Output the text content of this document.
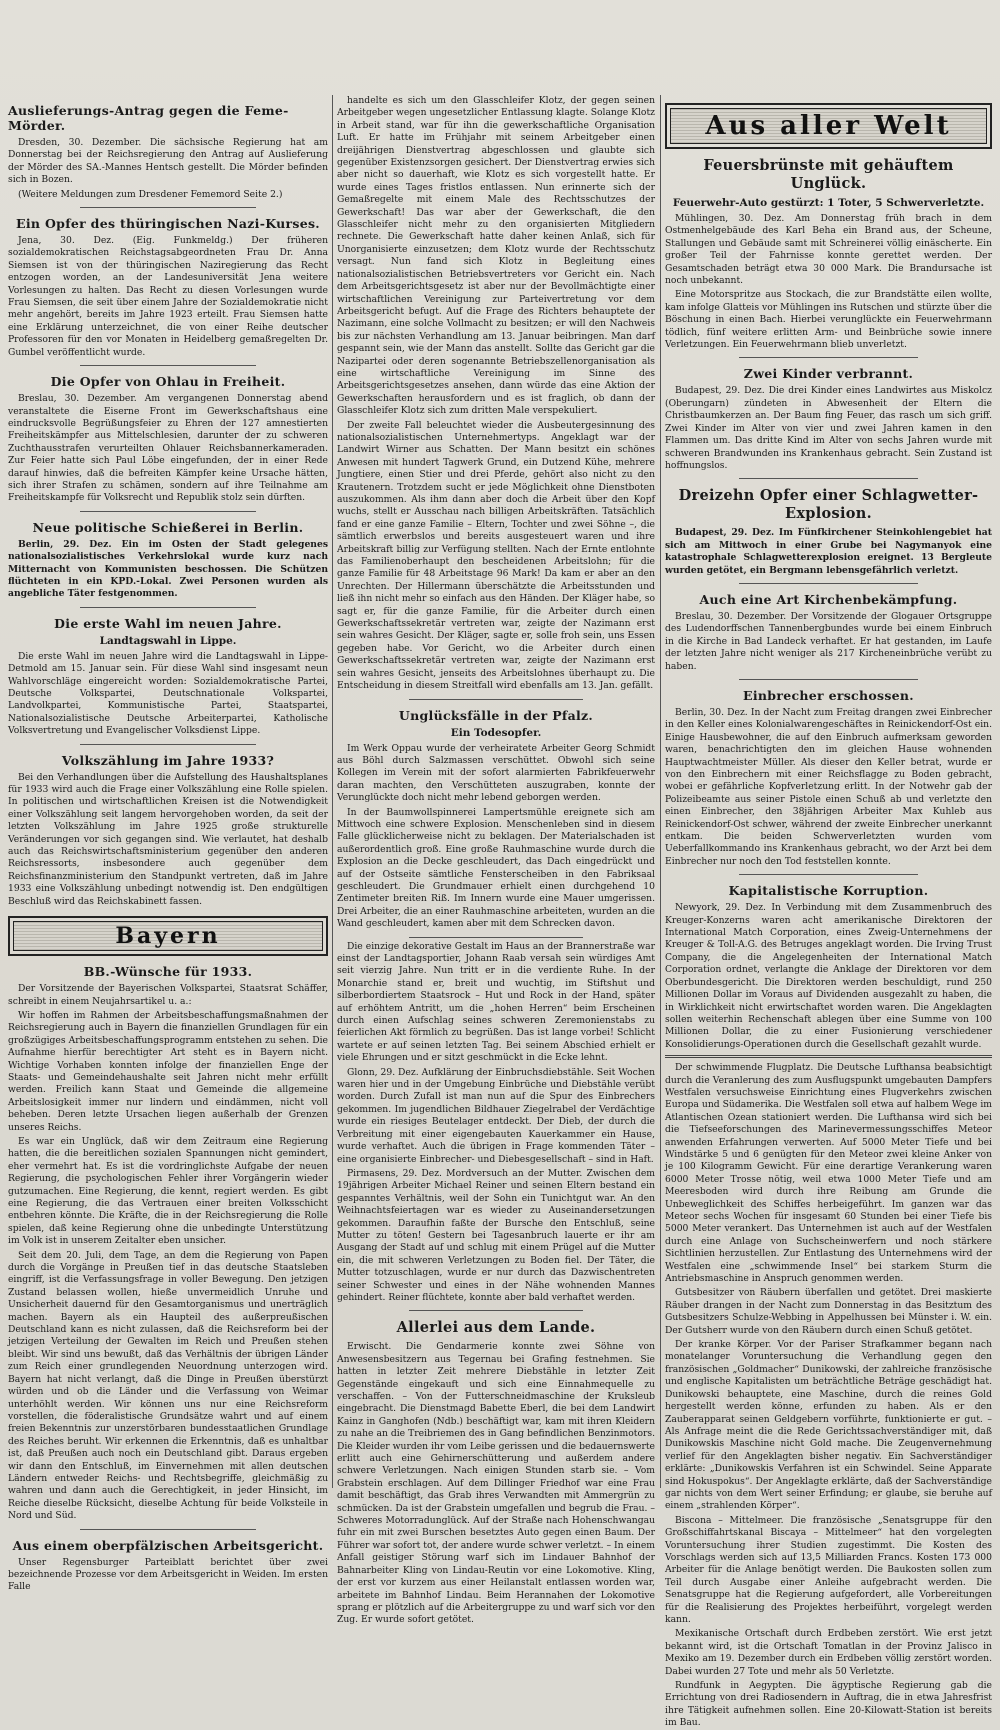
Auslieferungs-Antrag gegen die Feme-Mörder.

Dresden, 30. Dezember. Die sächsische Regierung hat am Donnerstag bei der Reichsregierung den Antrag auf Auslieferung der Mörder des SA.-Mannes Hentsch gestellt. Die Mörder befinden sich in Bozen.

(Weitere Meldungen zum Dresdener Fememord Seite 2.)

Ein Opfer des thüringischen Nazi-Kurses.

Jena, 30. Dez. (Eig. Funkmeldg.) Der früheren sozialdemokratischen Reichstagsabgeordneten Frau Dr. Anna Siemsen ist von der thüringischen Naziregierung das Recht entzogen worden, an der Landesuniversität Jena weitere Vorlesungen zu halten. Das Recht zu diesen Vorlesungen wurde Frau Siemsen, die seit über einem Jahre der Sozialdemokratie nicht mehr angehört, bereits im Jahre 1923 erteilt. Frau Siemsen hatte eine Erklärung unterzeichnet, die von einer Reihe deutscher Professoren für den vor Monaten in Heidelberg gemaßregelten Dr. Gumbel veröffentlicht wurde.

Die Opfer von Ohlau in Freiheit.

Breslau, 30. Dezember. Am vergangenen Donnerstag abend veranstaltete die Eiserne Front im Gewerkschaftshaus eine eindrucksvolle Begrüßungsfeier zu Ehren der 127 amnestierten Freiheitskämpfer aus Mittelschlesien, darunter der zu schweren Zuchthausstrafen verurteilten Ohlauer Reichsbannerkameraden. Zur Feier hatte sich Paul Löbe eingefunden, der in einer Rede darauf hinwies, daß die befreiten Kämpfer keine Ursache hätten, sich ihrer Strafen zu schämen, sondern auf ihre Teilnahme am Freiheitskampfe für Volksrecht und Republik stolz sein dürften.

Neue politische Schießerei in Berlin.

Berlin, 29. Dez. Ein im Osten der Stadt gelegenes nationalsozialistisches Verkehrslokal wurde kurz nach Mitternacht von Kommunisten beschossen. Die Schützen flüchteten in ein KPD.-Lokal. Zwei Personen wurden als angebliche Täter festgenommen.

Die erste Wahl im neuen Jahre.
Landtagswahl in Lippe.

Die erste Wahl im neuen Jahre wird die Landtagswahl in Lippe-Detmold am 15. Januar sein. Für diese Wahl sind insgesamt neun Wahlvorschläge eingereicht worden: Sozialdemokratische Partei, Deutsche Volkspartei, Deutschnationale Volkspartei, Landvolkpartei, Kommunistische Partei, Staatspartei, Nationalsozialistische Deutsche Arbeiterpartei, Katholische Volksvertretung und Evangelischer Volksdienst Lippe.

Volkszählung im Jahre 1933?

Bei den Verhandlungen über die Aufstellung des Haushaltsplanes für 1933 wird auch die Frage einer Volkszählung eine Rolle spielen. In politischen und wirtschaftlichen Kreisen ist die Notwendigkeit einer Volkszählung seit langem hervorgehoben worden, da seit der letzten Volkszählung im Jahre 1925 große strukturelle Veränderungen vor sich gegangen sind. Wie verlautet, hat deshalb auch das Reichswirtschaftsministerium gegenüber den anderen Reichsressorts, insbesondere auch gegenüber dem Reichsfinanzministerium den Standpunkt vertreten, daß im Jahre 1933 eine Volkszählung unbedingt notwendig ist. Den endgültigen Beschluß wird das Reichskabinett fassen.

Bayern
BB.-Wünsche für 1933.

Der Vorsitzende der Bayerischen Volkspartei, Staatsrat Schäffer, schreibt in einem Neujahrsartikel u. a.:

Wir hoffen im Rahmen der Arbeitsbeschaffungsmaßnahmen der Reichsregierung auch in Bayern die finanziellen Grundlagen für ein großzügiges Arbeitsbeschaffungsprogramm entstehen zu sehen. Die Aufnahme hierfür berechtigter Art steht es in Bayern nicht. Wichtige Vorhaben konnten infolge der finanziellen Enge der Staats- und Gemeindehaushalte seit Jahren nicht mehr erfüllt werden. Freilich kann Staat und Gemeinde die allgemeine Arbeitslosigkeit immer nur lindern und eindämmen, nicht voll beheben. Deren letzte Ursachen liegen außerhalb der Grenzen unseres Reichs.

Es war ein Unglück, daß wir dem Zeitraum eine Regierung hatten, die die bereitlichen sozialen Spannungen nicht gemindert, eher vermehrt hat. Es ist die vordringlichste Aufgabe der neuen Regierung, die psychologischen Fehler ihrer Vorgängerin wieder gutzumachen. Eine Regierung, die kennt, regiert werden. Es gibt eine Regierung, die das Vertrauen einer breiten Volksschicht entbehren könnte. Die Kräfte, die in der Reichsregierung die Rolle spielen, daß keine Regierung ohne die unbedingte Unterstützung im Volk ist in unserem Zeitalter eben unsicher.

Seit dem 20. Juli, dem Tage, an dem die Regierung von Papen durch die Vorgänge in Preußen tief in das deutsche Staatsleben eingriff, ist die Verfassungsfrage in voller Bewegung. Den jetzigen Zustand belassen wollen, hieße unvermeidlich Unruhe und Unsicherheit dauernd für den Gesamtorganismus und unerträglich machen. Bayern als ein Haupteil des außerpreußischen Deutschland kann es nicht zulassen, daß die Reichsreform bei der jetzigen Verteilung der Gewalten im Reich und Preußen stehen bleibt. Wir sind uns bewußt, daß das Verhältnis der übrigen Länder zum Reich einer grundlegenden Neuordnung unterzogen wird. Bayern hat nicht verlangt, daß die Dinge in Preußen überstürzt würden und ob die Länder und die Verfassung von Weimar unterhöhlt werden. Wir können uns nur eine Reichsreform vorstellen, die föderalistische Grundsätze wahrt und auf einem freien Bekenntnis zur unzerstörbaren bundesstaatlichen Grundlage des Reiches beruht. Wir erkennen die Erkenntnis, daß es unhaltbar ist, daß Preußen auch noch ein Deutschland gibt. Daraus ergeben wir dann den Entschluß, im Einvernehmen mit allen deutschen Ländern entweder Reichs- und Rechtsbegriffe, gleichmäßig zu wahren und dann auch die Gerechtigkeit, in jeder Hinsicht, im Reiche dieselbe Rücksicht, dieselbe Achtung für beide Volksteile in Nord und Süd.

Aus einem oberpfälzischen Arbeitsgericht.

Unser Regensburger Parteiblatt berichtet über zwei bezeichnende Prozesse vor dem Arbeitsgericht in Weiden. Im ersten Falle

handelte es sich um den Glasschleifer Klotz, der gegen seinen Arbeitgeber wegen ungesetzlicher Entlassung klagte. Solange Klotz in Arbeit stand, war für ihn die gewerkschaftliche Organisation Luft. Er hatte im Frühjahr mit seinem Arbeitgeber einen dreijährigen Dienstvertrag abgeschlossen und glaubte sich gegenüber Existenzsorgen gesichert. Der Dienstvertrag erwies sich aber nicht so dauerhaft, wie Klotz es sich vorgestellt hatte. Er wurde eines Tages fristlos entlassen. Nun erinnerte sich der Gemaßregelte mit einem Male des Rechtsschutzes der Gewerkschaft! Das war aber der Gewerkschaft, die den Glasschleifer nicht mehr zu den organisierten Mitgliedern rechnete. Die Gewerkschaft hatte daher keinen Anlaß, sich für Unorganisierte einzusetzen; dem Klotz wurde der Rechtsschutz versagt. Nun fand sich Klotz in Begleitung eines nationalsozialistischen Betriebsvertreters vor Gericht ein. Nach dem Arbeitsgerichtsgesetz ist aber nur der Bevollmächtigte einer wirtschaftlichen Vereinigung zur Parteivertretung vor dem Arbeitsgericht befugt. Auf die Frage des Richters behauptete der Nazimann, eine solche Vollmacht zu besitzen; er will den Nachweis bis zur nächsten Verhandlung am 13. Januar beibringen. Man darf gespannt sein, wie der Mann das anstellt. Sollte das Gericht gar die Nazipartei oder deren sogenannte Betriebszellenorganisation als eine wirtschaftliche Vereinigung im Sinne des Arbeitsgerichtsgesetzes ansehen, dann würde das eine Aktion der Gewerkschaften herausfordern und es ist fraglich, ob dann der Glasschleifer Klotz sich zum dritten Male verspekuliert.

Der zweite Fall beleuchtet wieder die Ausbeutergesinnung des nationalsozialistischen Unternehmertyps. Angeklagt war der Landwirt Wirner aus Schatten. Der Mann besitzt ein schönes Anwesen mit hundert Tagwerk Grund, ein Dutzend Kühe, mehrere Jungtiere, einen Stier und drei Pferde, gehört also nicht zu den Krautenern. Trotzdem sucht er jede Möglichkeit ohne Dienstboten auszukommen. Als ihm dann aber doch die Arbeit über den Kopf wuchs, stellt er Ausschau nach billigen Arbeitskräften. Tatsächlich fand er eine ganze Familie – Eltern, Tochter und zwei Söhne –, die sämtlich erwerbslos und bereits ausgesteuert waren und ihre Arbeitskraft billig zur Verfügung stellten. Nach der Ernte entlohnte das Familienoberhaupt den bescheidenen Arbeitslohn; für die ganze Familie für 48 Arbeitstage 96 Mark! Da kam er aber an den Unrechten. Der Hillermann überschätzte die Arbeitsstunden und ließ ihn nicht mehr so einfach aus den Händen. Der Kläger habe, so sagt er, für die ganze Familie, für die Arbeiter durch einen Gewerkschaftssekretär vertreten war, zeigte der Nazimann erst sein wahres Gesicht. Der Kläger, sagte er, solle froh sein, uns Essen gegeben habe. Vor Gericht, wo die Arbeiter durch einen Gewerkschaftssekretär vertreten war, zeigte der Nazimann erst sein wahres Gesicht, jenseits des Arbeitslohnes überhaupt zu. Die Entscheidung in diesem Streitfall wird ebenfalls am 13. Jan. gefällt.

Unglücksfälle in der Pfalz.
Ein Todesopfer.

Im Werk Oppau wurde der verheiratete Arbeiter Georg Schmidt aus Böhl durch Salzmassen verschüttet. Obwohl sich seine Kollegen im Verein mit der sofort alarmierten Fabrikfeuerwehr daran machten, den Verschütteten auszugraben, konnte der Verunglückte doch nicht mehr lebend geborgen werden.

In der Baumwollspinnerei Lampertsmühle ereignete sich am Mittwoch eine schwere Explosion. Menschenleben sind in diesem Falle glücklicherweise nicht zu beklagen. Der Materialschaden ist außerordentlich groß. Eine große Rauhmaschine wurde durch die Explosion an die Decke geschleudert, das Dach eingedrückt und auf der Ostseite sämtliche Fensterscheiben in den Fabriksaal geschleudert. Die Grundmauer erhielt einen durchgehend 10 Zentimeter breiten Riß. Im Innern wurde eine Mauer umgerissen. Drei Arbeiter, die an einer Rauhmaschine arbeiteten, wurden an die Wand geschleudert, kamen aber mit dem Schrecken davon.

Die einzige dekorative Gestalt im Haus an der Brannerstraße war einst der Landtagsportier, Johann Raab versah sein würdiges Amt seit vierzig Jahre. Nun tritt er in die verdiente Ruhe. In der Monarchie stand er, breit und wuchtig, im Stiftshut und silberbordiertem Staatsrock – Hut und Rock in der Hand, später auf erhöhtem Antritt, um die „hohen Herren“ beim Erscheinen durch einen Aufschlag seines schweren Zeremonienstabs zu feierlichen Akt förmlich zu begrüßen. Das ist lange vorbei! Schlicht wartete er auf seinen letzten Tag. Bei seinem Abschied erhielt er viele Ehrungen und er sitzt geschmückt in die Ecke lehnt.

Glonn, 29. Dez. Aufklärung der Einbruchsdiebstähle. Seit Wochen waren hier und in der Umgebung Einbrüche und Diebstähle verübt worden. Durch Zufall ist man nun auf die Spur des Einbrechers gekommen. Im jugendlichen Bildhauer Ziegelrabel der Verdächtige wurde ein riesiges Beutelager entdeckt. Der Dieb, der durch die Verbreitung mit einer eigengebauten Kauerkammer ein Hause, wurde verhaftet. Auch die übrigen in Frage kommenden Täter – eine organisierte Einbrecher- und Diebesgesellschaft – sind in Haft.

Pirmasens, 29. Dez. Mordversuch an der Mutter. Zwischen dem 19jährigen Arbeiter Michael Reiner und seinen Eltern bestand ein gespanntes Verhältnis, weil der Sohn ein Tunichtgut war. An den Weihnachtsfeiertagen war es wieder zu Auseinandersetzungen gekommen. Daraufhin faßte der Bursche den Entschluß, seine Mutter zu töten! Gestern bei Tagesanbruch lauerte er ihr am Ausgang der Stadt auf und schlug mit einem Prügel auf die Mutter ein, die mit schweren Verletzungen zu Boden fiel. Der Täter, die Mutter totzuschlagen, wurde er nur durch das Dazwischentreten seiner Schwester und eines in der Nähe wohnenden Mannes gehindert. Reiner flüchtete, konnte aber bald verhaftet werden.

Allerlei aus dem Lande.

Erwischt. Die Gendarmerie konnte zwei Söhne von Anwesensbesitzern aus Tegernau bei Grafing festnehmen. Sie hatten in letzter Zeit mehrere Diebstähle in letzter Zeit Gegenstände eingekauft und sich eine Einnahmequelle zu verschaffen. – Von der Futterschneidmaschine der Kruksleub eingebracht. Die Dienstmagd Babette Eberl, die bei dem Landwirt Kainz in Ganghofen (Ndb.) beschäftigt war, kam mit ihren Kleidern zu nahe an die Treibriemen des in Gang befindlichen Benzinmotors. Die Kleider wurden ihr vom Leibe gerissen und die bedauernswerte erlitt auch eine Gehirnerschütterung und außerdem andere schwere Verletzungen. Nach einigen Stunden starb sie. – Vom Grabstein erschlagen. Auf dem Dillinger Friedhof war eine Frau damit beschäftigt, das Grab ihres Verwandten mit Ammergrün zu schmücken. Da ist der Grabstein umgefallen und begrub die Frau. – Schweres Motorradunglück. Auf der Straße nach Hohenschwangau fuhr ein mit zwei Burschen besetztes Auto gegen einen Baum. Der Führer war sofort tot, der andere wurde schwer verletzt. – In einem Anfall geistiger Störung warf sich im Lindauer Bahnhof der Bahnarbeiter Kling von Lindau-Reutin vor eine Lokomotive. Kling, der erst vor kurzem aus einer Heilanstalt entlassen worden war, arbeitete im Bahnhof Lindau. Beim Herannahen der Lokomotive sprang er plötzlich auf die Arbeitergruppe zu und warf sich vor den Zug. Er wurde sofort getötet.

Aus aller Welt
Feuersbrünste mit gehäuftem Unglück.
Feuerwehr-Auto gestürzt: 1 Toter, 5 Schwerverletzte.

Mühlingen, 30. Dez. Am Donnerstag früh brach in dem Ostmenhelgebäude des Karl Beha ein Brand aus, der Scheune, Stallungen und Gebäude samt mit Schreinerei völlig einäscherte. Ein großer Teil der Fahrnisse konnte gerettet werden. Der Gesamtschaden beträgt etwa 30 000 Mark. Die Brandursache ist noch unbekannt.

Eine Motorspritze aus Stockach, die zur Brandstätte eilen wollte, kam infolge Glatteis vor Mühlingen ins Rutschen und stürzte über die Böschung in einen Bach. Hierbei verunglückte ein Feuerwehrmann tödlich, fünf weitere erlitten Arm- und Beinbrüche sowie innere Verletzungen. Ein Feuerwehrmann blieb unverletzt.

Zwei Kinder verbrannt.

Budapest, 29. Dez. Die drei Kinder eines Landwirtes aus Miskolcz (Oberungarn) zündeten in Abwesenheit der Eltern die Christbaumkerzen an. Der Baum fing Feuer, das rasch um sich griff. Zwei Kinder im Alter von vier und zwei Jahren kamen in den Flammen um. Das dritte Kind im Alter von sechs Jahren wurde mit schweren Brandwunden ins Krankenhaus gebracht. Sein Zustand ist hoffnungslos.

Dreizehn Opfer einer Schlagwetter-Explosion.

Budapest, 29. Dez. Im Fünfkirchener Steinkohlengebiet hat sich am Mittwoch in einer Grube bei Nagymanyok eine katastrophale Schlagwetterexplosion ereignet. 13 Bergleute wurden getötet, ein Bergmann lebensgefährlich verletzt.

Auch eine Art Kirchenbekämpfung.

Breslau, 30. Dezember. Der Vorsitzende der Glogauer Ortsgruppe des Ludendorffschen Tannenbergbundes wurde bei einem Einbruch in die Kirche in Bad Landeck verhaftet. Er hat gestanden, im Laufe der letzten Jahre nicht weniger als 217 Kircheneinbrüche verübt zu haben.

Einbrecher erschossen.

Berlin, 30. Dez. In der Nacht zum Freitag drangen zwei Einbrecher in den Keller eines Kolonialwarengeschäftes in Reinickendorf-Ost ein. Einige Hausbewohner, die auf den Einbruch aufmerksam geworden waren, benachrichtigten den im gleichen Hause wohnenden Hauptwachtmeister Müller. Als dieser den Keller betrat, wurde er von den Einbrechern mit einer Reichsflagge zu Boden gebracht, wobei er gefährliche Kopfverletzung erlitt. In der Notwehr gab der Polizeibeamte aus seiner Pistole einen Schuß ab und verletzte den einen Einbrecher, den 38jährigen Arbeiter Max Kuhleb aus Reinickendorf-Ost schwer, während der zweite Einbrecher unerkannt entkam. Die beiden Schwerverletzten wurden vom Ueberfallkommando ins Krankenhaus gebracht, wo der Arzt bei dem Einbrecher nur noch den Tod feststellen konnte.

Kapitalistische Korruption.

Newyork, 29. Dez. In Verbindung mit dem Zusammenbruch des Kreuger-Konzerns waren acht amerikanische Direktoren der International Match Corporation, eines Zweig-Unternehmens der Kreuger & Toll-A.G. des Betruges angeklagt worden. Die Irving Trust Company, die die Angelegenheiten der International Match Corporation ordnet, verlangte die Anklage der Direktoren vor dem Oberbundesgericht. Die Direktoren werden beschuldigt, rund 250 Millionen Dollar im Voraus auf Dividenden ausgezahlt zu haben, die in Wirklichkeit nicht erwirtschaftet worden waren. Die Angeklagten sollen weiterhin Rechenschaft ablegen über eine Summe von 100 Millionen Dollar, die zu einer Fusionierung verschiedener Konsolidierungs-Operationen durch die Gesellschaft gezahlt wurde.

Der schwimmende Flugplatz. Die Deutsche Lufthansa beabsichtigt durch die Veranlerung des zum Ausflugspunkt umgebauten Dampfers Westfalen versuchsweise Einrichtung eines Flugverkehrs zwischen Europa und Südamerika. Die Westfalen soll etwa auf halbem Wege im Atlantischen Ozean stationiert werden. Die Lufthansa wird sich bei die Tiefseeforschungen des Marinevermessungsschiffes Meteor anwenden Erfahrungen verwerten. Auf 5000 Meter Tiefe und bei Windstärke 5 und 6 genügten für den Meteor zwei kleine Anker von je 100 Kilogramm Gewicht. Für eine derartige Verankerung waren 6000 Meter Trosse nötig, weil etwa 1000 Meter Tiefe und am Meeresboden wird durch ihre Reibung am Grunde die Unbeweglichkeit des Schiffes herbeigeführt. Im ganzen war das Meteor sechs Wochen für insgesamt 60 Stunden bei einer Tiefe bis 5000 Meter verankert. Das Unternehmen ist auch auf der Westfalen durch eine Anlage von Suchscheinwerfern und noch stärkere Sichtlinien herzustellen. Zur Entlastung des Unternehmens wird der Westfalen eine „schwimmende Insel“ bei starkem Sturm die Antriebsmaschine in Anspruch genommen werden.

Gutsbesitzer von Räubern überfallen und getötet. Drei maskierte Räuber drangen in der Nacht zum Donnerstag in das Besitztum des Gutsbesitzers Schulze-Webbing in Appelhussen bei Münster i. W. ein. Der Gutsherr wurde von den Räubern durch einen Schuß getötet.

Der kranke Körper. Vor der Pariser Strafkammer begann nach monatelanger Voruntersuchung die Verhandlung gegen den französischen „Goldmacher“ Dunikowski, der zahlreiche französische und englische Kapitalisten um beträchtliche Beträge geschädigt hat. Dunikowski behauptete, eine Maschine, durch die reines Gold hergestellt werden könne, erfunden zu haben. Als er den Zauberapparat seinen Geldgebern vorführte, funktionierte er gut. – Als Anfrage meint die die Rede Gerichtssachverständiger mit, daß Dunikowskis Maschine nicht Gold mache. Die Zeugenvernehmung verlief für den Angeklagten bisher negativ. Ein Sachverständiger erklärte: „Dunikowskis Verfahren ist ein Schwindel. Seine Apparate sind Hokuspokus“. Der Angeklagte erklärte, daß der Sachverständige gar nichts von dem Wert seiner Erfindung; er glaube, sie beruhe auf einem „strahlenden Körper“.

Biscona – Mittelmeer. Die französische „Senatsgruppe für den Großschiffahrtskanal Biscaya – Mittelmeer“ hat den vorgelegten Voruntersuchung ihrer Studien zugestimmt. Die Kosten des Vorschlags werden sich auf 13,5 Milliarden Francs. Kosten 173 000 Arbeiter für die Anlage benötigt werden. Die Baukosten sollen zum Teil durch Ausgabe einer Anleihe aufgebracht werden. Die Senatsgruppe hat die Regierung aufgefordert, alle Vorbereitungen für die Realisierung des Projektes herbeiführt, vorgelegt werden kann.

Mexikanische Ortschaft durch Erdbeben zerstört. Wie erst jetzt bekannt wird, ist die Ortschaft Tomatlan in der Provinz Jalisco in Mexiko am 19. Dezember durch ein Erdbeben völlig zerstört worden. Dabei wurden 27 Tote und mehr als 50 Verletzte.

Rundfunk in Aegypten. Die ägyptische Regierung gab die Errichtung von drei Radiosendern in Auftrag, die in etwa Jahresfrist ihre Tätigkeit aufnehmen sollen. Eine 20-Kilowatt-Station ist bereits im Bau.
